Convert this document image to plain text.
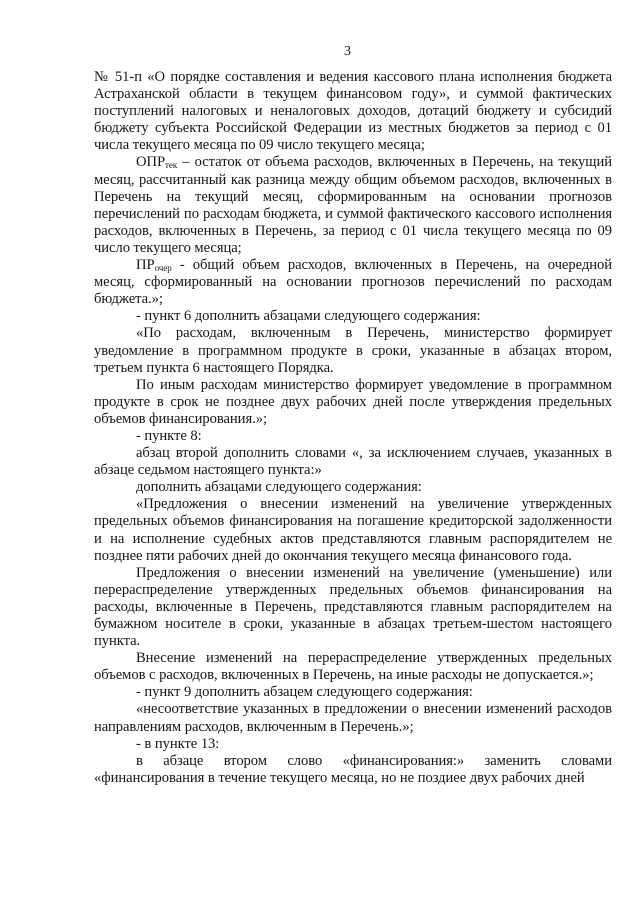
3

№ 51-п «О порядке составления и ведения кассового плана исполнения бюджета Астраханской области в текущем финансовом году», и суммой фактических поступлений налоговых и неналоговых доходов, дотаций бюджету и субсидий бюджету субъекта Российской Федерации из местных бюджетов за период с 01 числа текущего месяца по 09 число текущего месяца;

$ОПР_{тек}$ – остаток от объема расходов, включенных в Перечень, на текущий месяц, рассчитанный как разница между общим объемом расходов, включенных в Перечень на текущий месяц, сформированным на основании прогнозов перечислений по расходам бюджета, и суммой фактического кассового исполнения расходов, включенных в Перечень, за период с 01 числа текущего месяца по 09 число текущего месяца;

$ПР_{очер}$ - общий объем расходов, включенных в Перечень, на очередной месяц, сформированный на основании прогнозов перечислений по расходам бюджета.»;

- пункт 6 дополнить абзацами следующего содержания:

«По расходам, включенным в Перечень, министерство формирует уведомление в программном продукте в сроки, указанные в абзацах втором, третьем пункта 6 настоящего Порядка.

По иным расходам министерство формирует уведомление в программном продукте в срок не позднее двух рабочих дней после утверждения предельных объемов финансирования.»;

- пункте 8:

абзац второй дополнить словами «, за исключением случаев, указанных в абзаце седьмом настоящего пункта:»

дополнить абзацами следующего содержания:

«Предложения о внесении изменений на увеличение утвержденных предельных объемов финансирования на погашение кредиторской задолженности и на исполнение судебных актов представляются главным распорядителем не позднее пяти рабочих дней до окончания текущего месяца финансового года.

Предложения о внесении изменений на увеличение (уменьшение) или перераспределение утвержденных предельных объемов финансирования на расходы, включенные в Перечень, представляются главным распорядителем на бумажном носителе в сроки, указанные в абзацах третьем-шестом настоящего пункта.

Внесение изменений на перераспределение утвержденных предельных объемов с расходов, включенных в Перечень, на иные расходы не допускается.»;

- пункт 9 дополнить абзацем следующего содержания:

«несоответствие указанных в предложении о внесении изменений расходов направлениям расходов, включенным в Перечень.»;

- в пункте 13:

в абзаце втором слово «финансирования:» заменить словами «финансирования в течение текущего месяца, но не поздиее двух рабочих дней
